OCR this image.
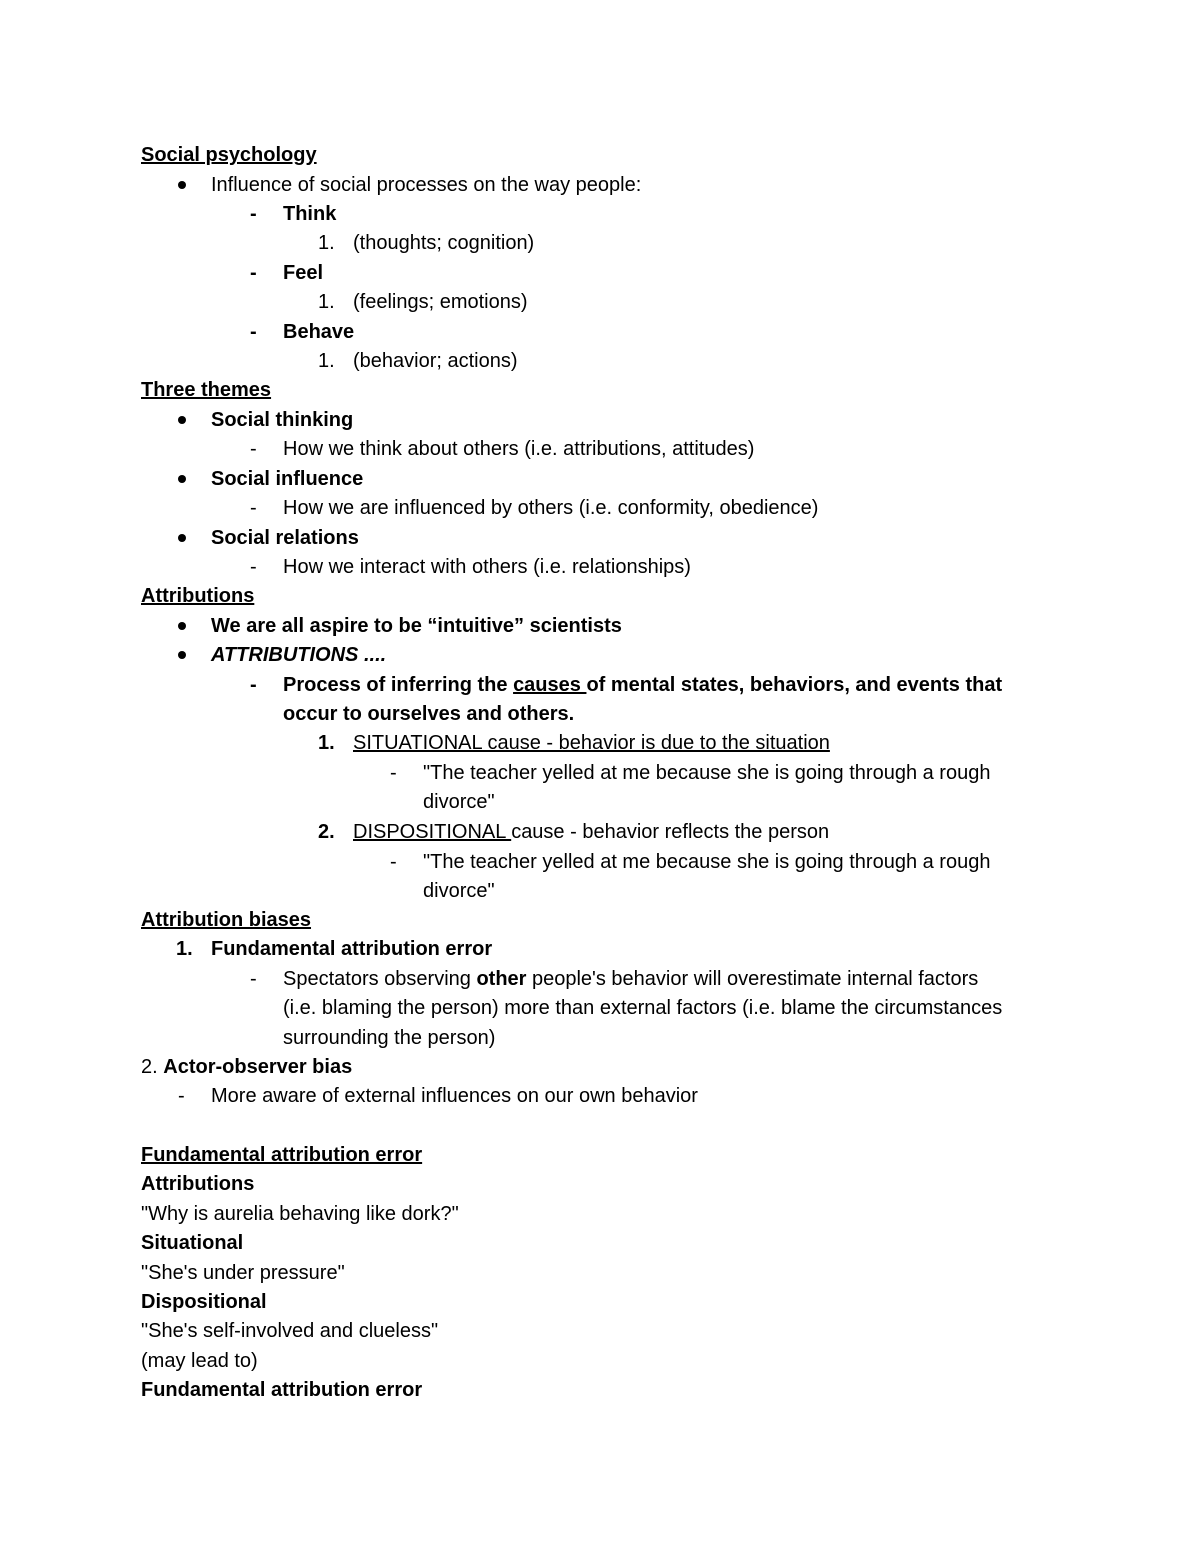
Social psychology
Influence of social processes on the way people:
- Think
1. (thoughts; cognition)
- Feel
1. (feelings; emotions)
- Behave
1. (behavior; actions)
Three themes
Social thinking
- How we think about others (i.e. attributions, attitudes)
Social influence
- How we are influenced by others (i.e. conformity, obedience)
Social relations
- How we interact with others (i.e. relationships)
Attributions
We are all aspire to be “intuitive” scientists
ATTRIBUTIONS ....
- Process of inferring the causes of mental states, behaviors, and events that
occur to ourselves and others.
1. SITUATIONAL cause - behavior is due to the situation
- "The teacher yelled at me because she is going through a rough
divorce"
2. DISPOSITIONAL cause - behavior reflects the person
- "The teacher yelled at me because she is going through a rough
divorce"
Attribution biases
1. Fundamental attribution error
- Spectators observing other people's behavior will overestimate internal factors
(i.e. blaming the person) more than external factors (i.e. blame the circumstances
surrounding the person)
2. Actor-observer bias
- More aware of external influences on our own behavior
Fundamental attribution error
Attributions
"Why is aurelia behaving like dork?"
Situational
"She's under pressure"
Dispositional
"She's self-involved and clueless"
(may lead to)
Fundamental attribution error
